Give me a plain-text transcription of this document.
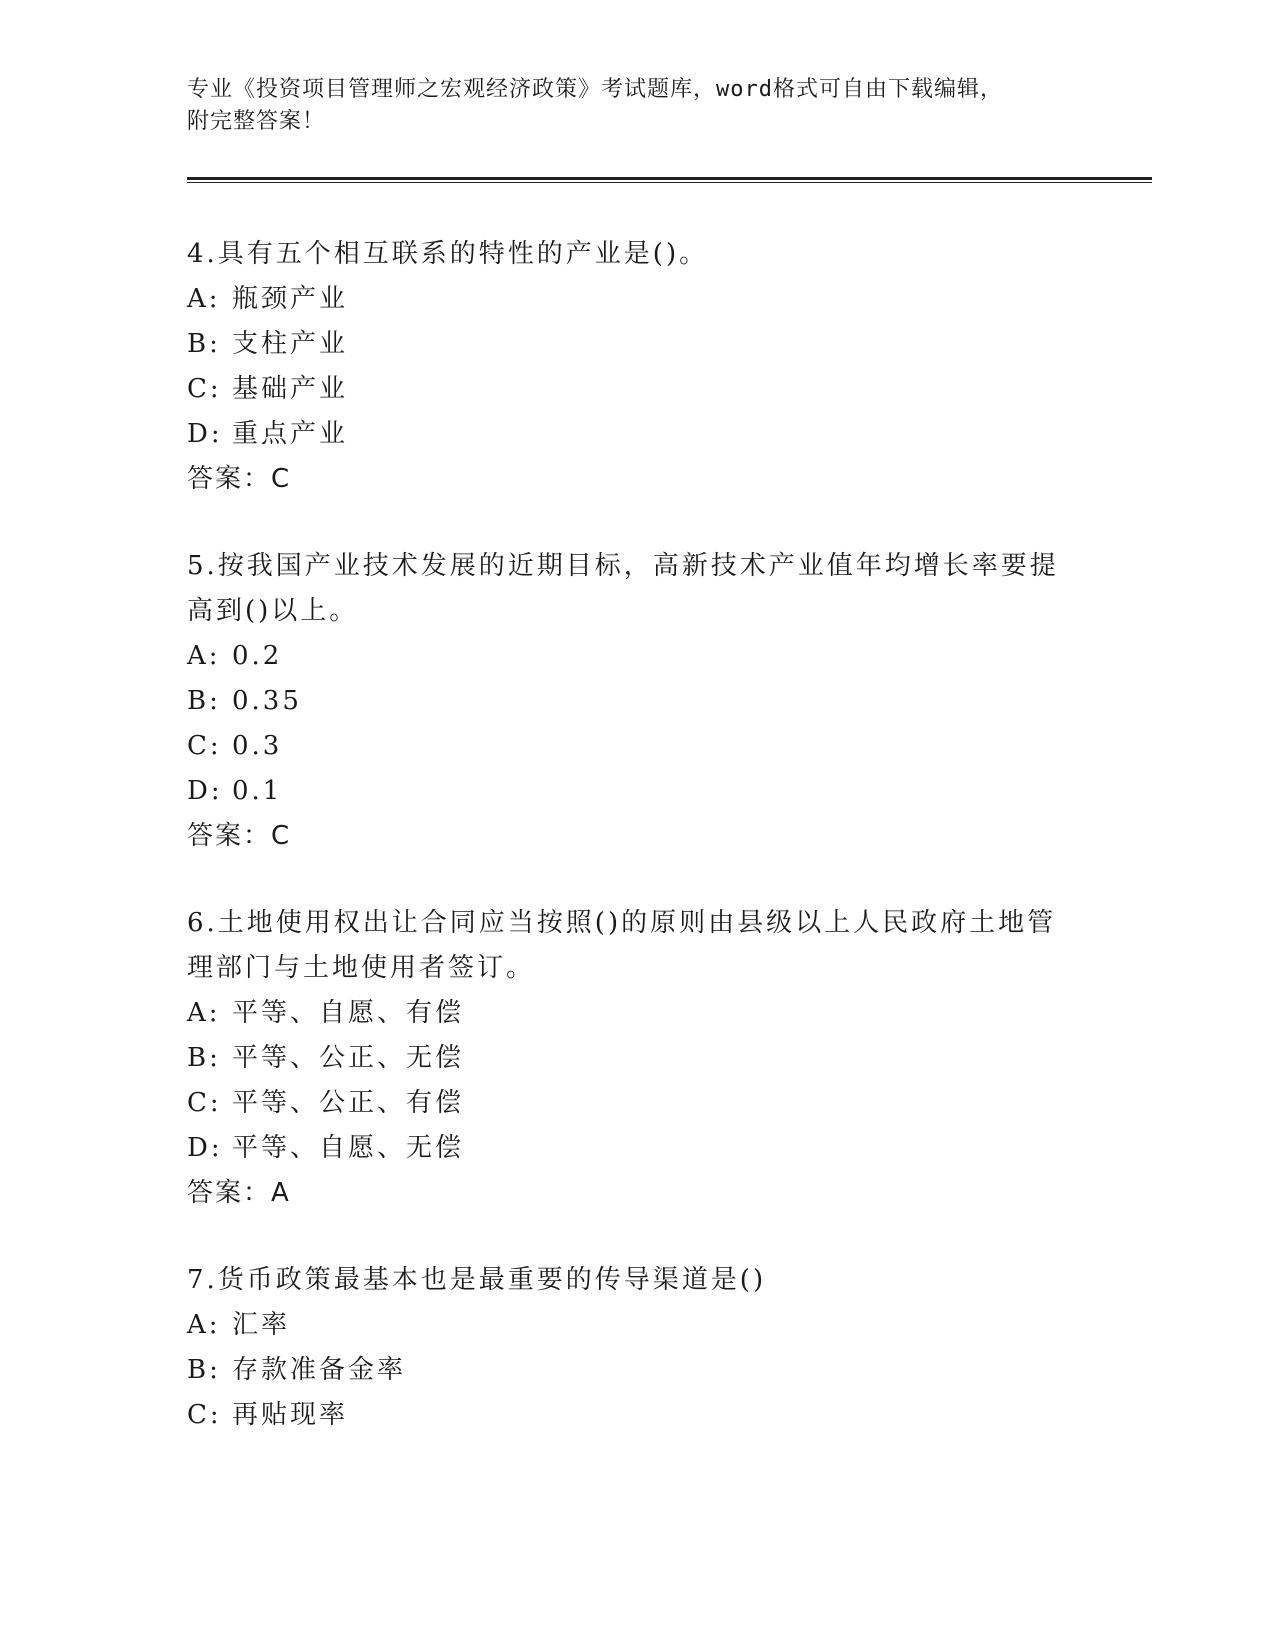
专业《投资项目管理师之宏观经济政策》考试题库，word格式可自由下载编辑，
附完整答案！
4.具有五个相互联系的特性的产业是()。
A: 瓶颈产业
B: 支柱产业
C: 基础产业
D: 重点产业
答案：C
5.按我国产业技术发展的近期目标，高新技术产业值年均增长率要提高到()以上。
A: 0.2
B: 0.35
C: 0.3
D: 0.1
答案：C
6.土地使用权出让合同应当按照()的原则由县级以上人民政府土地管理部门与土地使用者签订。
A: 平等、自愿、有偿
B: 平等、公正、无偿
C: 平等、公正、有偿
D: 平等、自愿、无偿
答案：A
7.货币政策最基本也是最重要的传导渠道是()
A: 汇率
B: 存款准备金率
C: 再贴现率
